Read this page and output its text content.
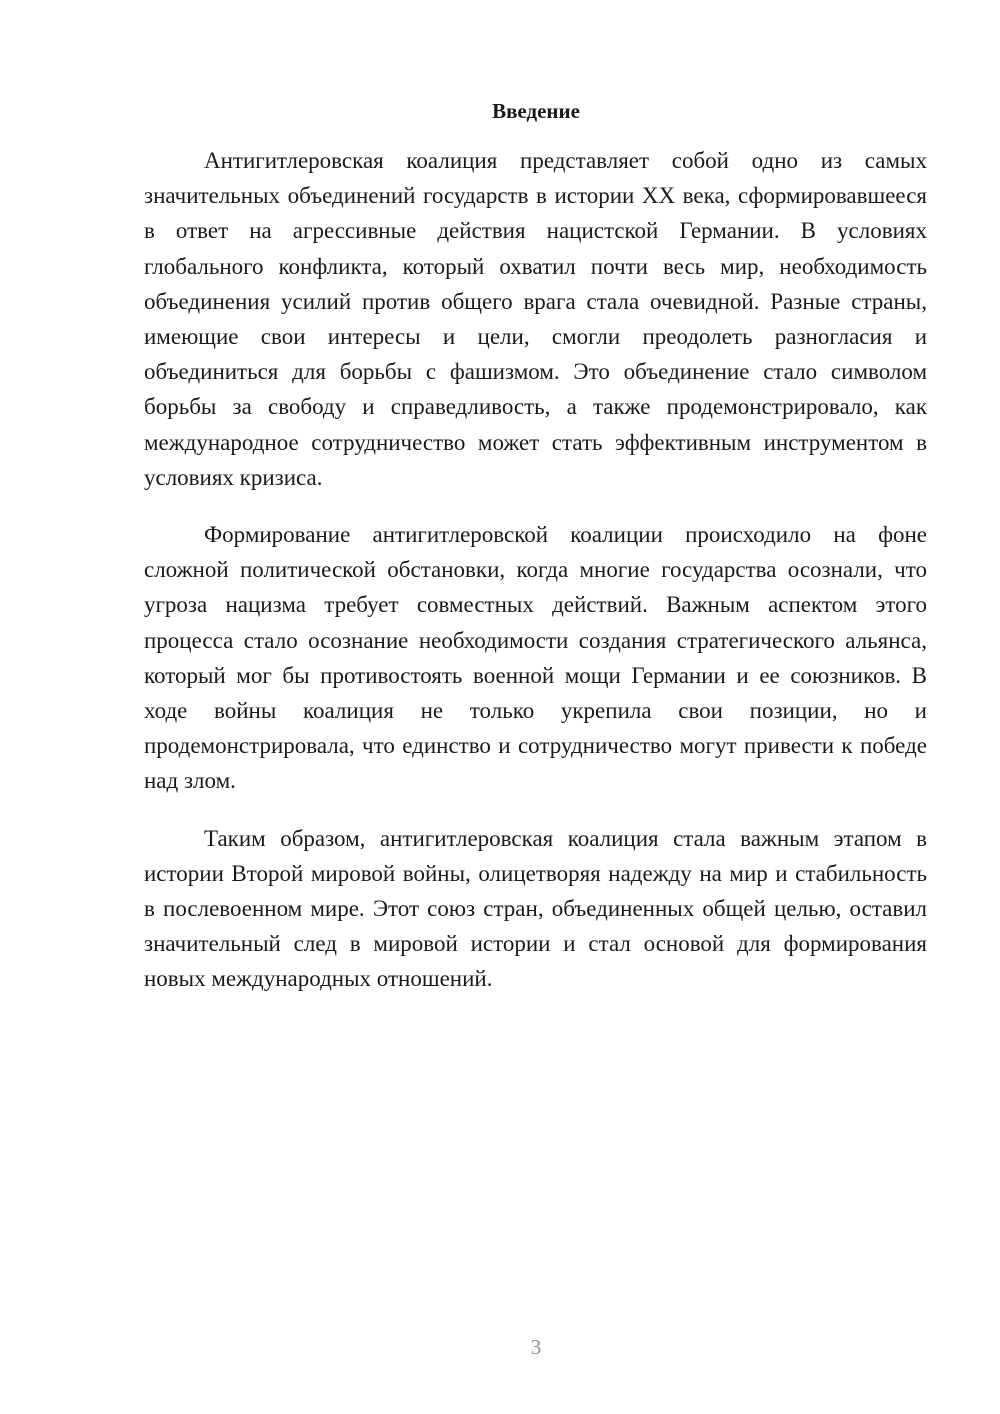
Введение

Антигитлеровская коалиция представляет собой одно из самых значительных объединений государств в истории XX века, сформировавшееся в ответ на агрессивные действия нацистской Германии. В условиях глобального конфликта, который охватил почти весь мир, необходимость объединения усилий против общего врага стала очевидной. Разные страны, имеющие свои интересы и цели, смогли преодолеть разногласия и объединиться для борьбы с фашизмом. Это объединение стало символом борьбы за свободу и справедливость, а также продемонстрировало, как международное сотрудничество может стать эффективным инструментом в условиях кризиса.

Формирование антигитлеровской коалиции происходило на фоне сложной политической обстановки, когда многие государства осознали, что угроза нацизма требует совместных действий. Важным аспектом этого процесса стало осознание необходимости создания стратегического альянса, который мог бы противостоять военной мощи Германии и ее союзников. В ходе войны коалиция не только укрепила свои позиции, но и продемонстрировала, что единство и сотрудничество могут привести к победе над злом.

Таким образом, антигитлеровская коалиция стала важным этапом в истории Второй мировой войны, олицетворяя надежду на мир и стабильность в послевоенном мире. Этот союз стран, объединенных общей целью, оставил значительный след в мировой истории и стал основой для формирования новых международных отношений.

3
